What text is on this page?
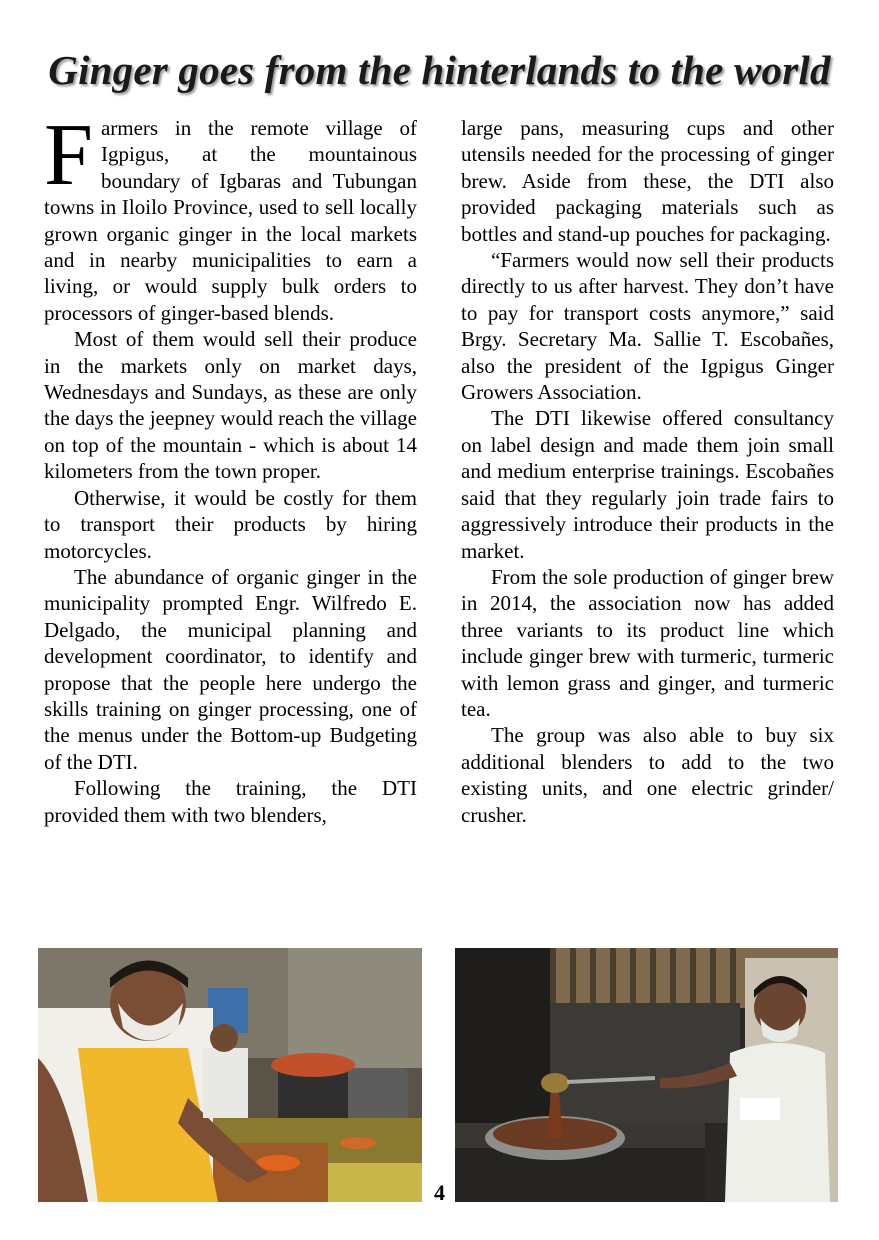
Ginger goes from the hinterlands to the world

Farmers in the remote village of Igpigus, at the mountainous boundary of Igbaras and Tubungan towns in Iloilo Province, used to sell locally grown organic ginger in the local markets and in nearby municipalities to earn a living, or would supply bulk orders to processors of ginger-based blends.

Most of them would sell their produce in the markets only on market days, Wednesdays and Sundays, as these are only the days the jeepney would reach the village on top of the mountain - which is about 14 kilometers from the town proper.

Otherwise, it would be costly for them to transport their products by hiring motorcycles.

The abundance of organic ginger in the municipality prompted Engr. Wilfredo E. Delgado, the municipal planning and development coordinator, to identify and propose that the people here undergo the skills training on ginger processing, one of the menus under the Bottom-up Budgeting of the DTI.

Following the training, the DTI provided them with two blenders,

large pans, measuring cups and other utensils needed for the processing of ginger brew. Aside from these, the DTI also provided packaging materials such as bottles and stand-up pouches for packaging.

“Farmers would now sell their products directly to us after harvest. They don’t have to pay for transport costs anymore,” said Brgy. Secretary Ma. Sallie T. Escobañes, also the president of the Igpigus Ginger Growers Association.

The DTI likewise offered consultancy on label design and made them join small and medium enterprise trainings. Escobañes said that they regularly join trade fairs to aggressively introduce their products in the market.

From the sole production of ginger brew in 2014, the association now has added three variants to its product line which include ginger brew with turmeric, turmeric with lemon grass and ginger, and turmeric tea.

The group was also able to buy six additional blenders to add to the two existing units, and one electric grinder/ crusher.

4
